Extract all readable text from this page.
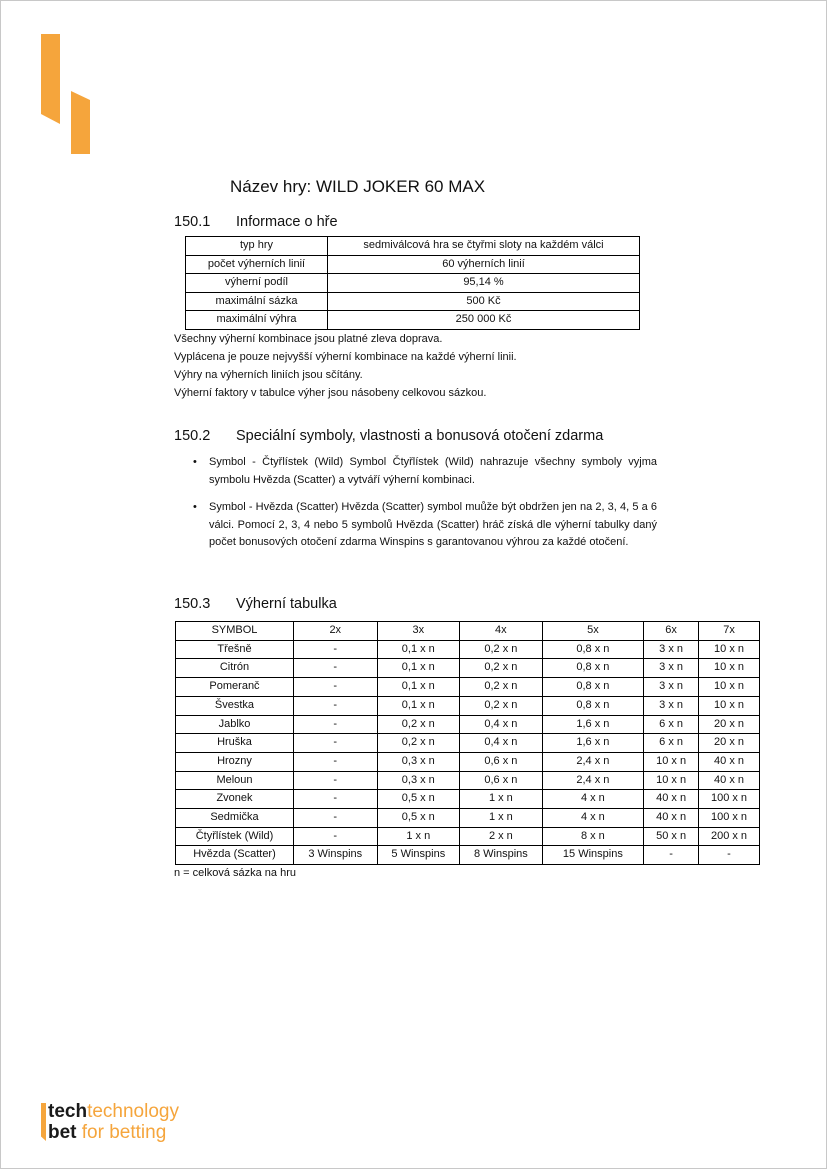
Název hry: WILD JOKER 60 MAX
150.1 Informace o hře
typ hry	sedmiválcová hra se čtyřmi sloty na každém válci
počet výherních linií	60 výherních linií
výherní podíl	95,14 %
maximální sázka	500 Kč
maximální výhra	250 000 Kč
Všechny výherní kombinace jsou platné zleva doprava.
Vyplácena je pouze nejvyšší výherní kombinace na každé výherní linii.
Výhry na výherních liniích jsou sčítány.
Výherní faktory v tabulce výher jsou násobeny celkovou sázkou.
150.2 Speciální symboly, vlastnosti a bonusová otočení zdarma
• Symbol - Čtyřlístek (Wild) Symbol Čtyřlístek (Wild) nahrazuje všechny symboly vyjma symbolu Hvězda (Scatter) a vytváří výherní kombinaci.
• Symbol - Hvězda (Scatter) Hvězda (Scatter) symbol muůže být obdržen jen na 2, 3, 4, 5 a 6 válci. Pomocí 2, 3, 4 nebo 5 symbolů Hvězda (Scatter) hráč získá dle výherní tabulky daný počet bonusových otočení zdarma Winspins s garantovanou výhrou za každé otočení.
150.3 Výherní tabulka
SYMBOL	2x	3x	4x	5x	6x	7x
Třešně	-	0,1 x n	0,2 x n	0,8 x n	3 x n	10 x n
Citrón	-	0,1 x n	0,2 x n	0,8 x n	3 x n	10 x n
Pomeranč	-	0,1 x n	0,2 x n	0,8 x n	3 x n	10 x n
Švestka	-	0,1 x n	0,2 x n	0,8 x n	3 x n	10 x n
Jablko	-	0,2 x n	0,4 x n	1,6 x n	6 x n	20 x n
Hruška	-	0,2 x n	0,4 x n	1,6 x n	6 x n	20 x n
Hrozny	-	0,3 x n	0,6 x n	2,4 x n	10 x n	40 x n
Meloun	-	0,3 x n	0,6 x n	2,4 x n	10 x n	40 x n
Zvonek	-	0,5 x n	1 x n	4 x n	40 x n	100 x n
Sedmička	-	0,5 x n	1 x n	4 x n	40 x n	100 x n
Čtyřlístek (Wild)	-	1 x n	2 x n	8 x n	50 x n	200 x n
Hvězda (Scatter)	3 Winspins	5 Winspins	8 Winspins	15 Winspins	-	-
n = celková sázka na hru
techtechnology
bet for betting
